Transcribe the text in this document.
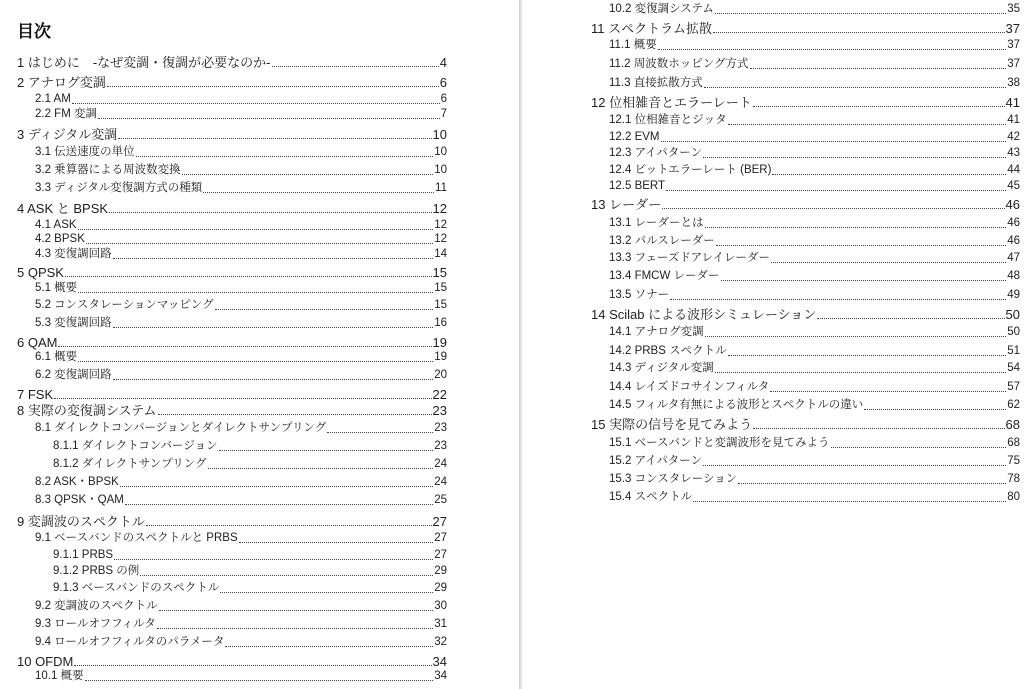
目次
1 はじめに　-なぜ変調・復調が必要なのか-	4
2 アナログ変調	6
2.1 AM	6
2.2 FM 変調	7
3 ディジタル変調	10
3.1 伝送速度の単位	10
3.2 乗算器による周波数変換	10
3.3 ディジタル変復調方式の種類	11
4 ASK と BPSK	12
4.1 ASK	12
4.2 BPSK	12
4.3 変復調回路	14
5 QPSK	15
5.1 概要	15
5.2 コンスタレーションマッピング	15
5.3 変復調回路	16
6 QAM	19
6.1 概要	19
6.2 変復調回路	20
7 FSK	22
8 実際の変復調システム	23
8.1 ダイレクトコンバージョンとダイレクトサンプリング	23
8.1.1 ダイレクトコンバージョン	23
8.1.2 ダイレクトサンプリング	24
8.2 ASK・BPSK	24
8.3 QPSK・QAM	25
9 変調波のスペクトル	27
9.1 ベースバンドのスペクトルと PRBS	27
9.1.1 PRBS	27
9.1.2 PRBS の例	29
9.1.3 ベースバンドのスペクトル	29
9.2 変調波のスペクトル	30
9.3 ロールオフフィルタ	31
9.4 ロールオフフィルタのパラメータ	32
10 OFDM	34
10.1 概要	34
10.2 変復調システム	35
11 スペクトラム拡散	37
11.1 概要	37
11.2 周波数ホッピング方式	37
11.3 直接拡散方式	38
12 位相雑音とエラーレート	41
12.1 位相雑音とジッタ	41
12.2 EVM	42
12.3 アイパターン	43
12.4 ビットエラーレート (BER)	44
12.5 BERT	45
13 レーダー	46
13.1 レーダーとは	46
13.2 パルスレーダー	46
13.3 フェーズドアレイレーダー	47
13.4 FMCW レーダー	48
13.5 ソナー	49
14 Scilab による波形シミュレーション	50
14.1 アナログ変調	50
14.2 PRBS スペクトル	51
14.3 ディジタル変調	54
14.4 レイズドコサインフィルタ	57
14.5 フィルタ有無による波形とスペクトルの違い	62
15 実際の信号を見てみよう	68
15.1 ベースバンドと変調波形を見てみよう	68
15.2 アイパターン	75
15.3 コンスタレーション	78
15.4 スペクトル	80
